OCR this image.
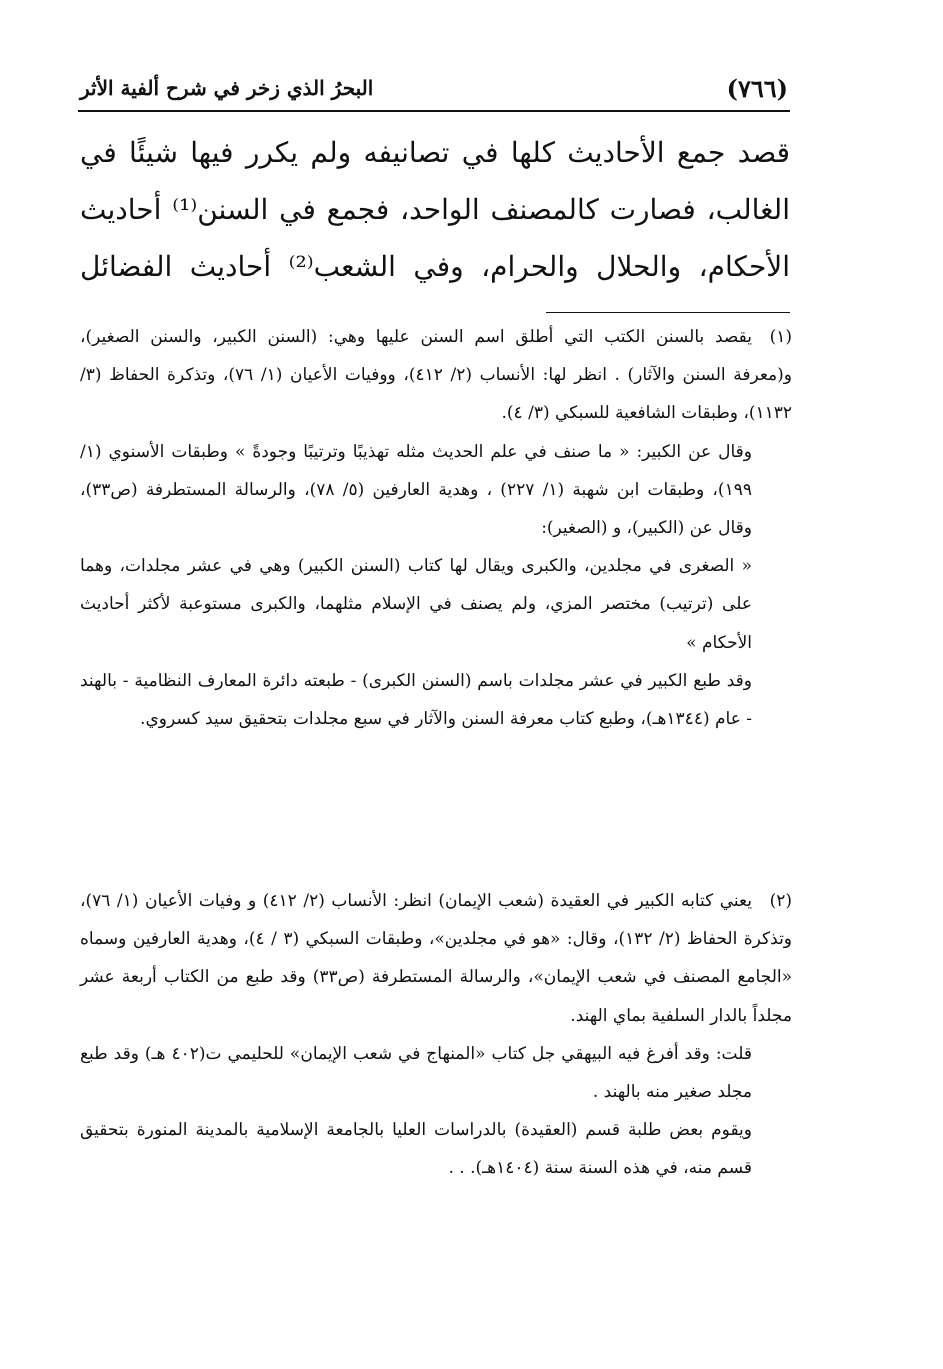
(٧٦٦)
البحرُ الذي زخر في شرح ألفية الأثر

قصد جمع الأحاديث كلها في تصانيفه ولم يكرر فيها شيئًا في

الغالب، فصارت كالمصنف الواحد، فجمع في السنن⁽¹⁾ أحاديث

الأحكام، والحلال والحرام، وفي الشعب⁽²⁾ أحاديث الفضائل

(١)يقصد بالسنن الكتب التي أطلق اسم السنن عليها وهي: (السنن الكبير، والسنن الصغير)، و(معرفة السنن والآثار) . انظر لها: الأنساب (٢/ ٤١٢)، ووفيات الأعيان (١/ ٧٦)، وتذكرة الحفاظ (٣/ ١١٣٢)، وطبقات الشافعية للسبكي (٣/ ٤).

وقال عن الكبير: « ما صنف في علم الحديث مثله تهذيبًا وترتيبًا وجودةً » وطبقات الأسنوي (١/ ١٩٩)، وطبقات ابن شهبة (١/ ٢٢٧) ، وهدية العارفين (٥/ ٧٨)، والرسالة المستطرفة (ص٣٣)، وقال عن (الكبير)، و (الصغير):

« الصغرى في مجلدين، والكبرى ويقال لها كتاب (السنن الكبير) وهي في عشر مجلدات، وهما على (ترتيب) مختصر المزي، ولم يصنف في الإسلام مثلهما، والكبرى مستوعبة لأكثر أحاديث الأحكام »

وقد طبع الكبير في عشر مجلدات باسم (السنن الكبرى) - طبعته دائرة المعارف النظامية - بالهند - عام (١٣٤٤هـ)، وطبع كتاب معرفة السنن والآثار في سبع مجلدات بتحقيق سيد كسروي.

(٢)يعني كتابه الكبير في العقيدة (شعب الإيمان) انظر: الأنساب (٢/ ٤١٢) و وفيات الأعيان (١/ ٧٦)، وتذكرة الحفاظ (٢/ ١٣٢)، وقال: «هو في مجلدين»، وطبقات السبكي (٣ / ٤)، وهدية العارفين وسماه «الجامع المصنف في شعب الإيمان»، والرسالة المستطرفة (ص٣٣) وقد طبع من الكتاب أربعة عشر مجلداً بالدار السلفية بماي الهند.

قلت: وقد أفرغ فيه البيهقي جل كتاب «المنهاج في شعب الإيمان» للحليمي ت(٤٠٢ هـ) وقد طبع مجلد صغير منه بالهند .

ويقوم بعض طلبة قسم (العقيدة) بالدراسات العليا بالجامعة الإسلامية بالمدينة المنورة بتحقيق قسم منه، في هذه السنة سنة (١٤٠٤هـ). . .
